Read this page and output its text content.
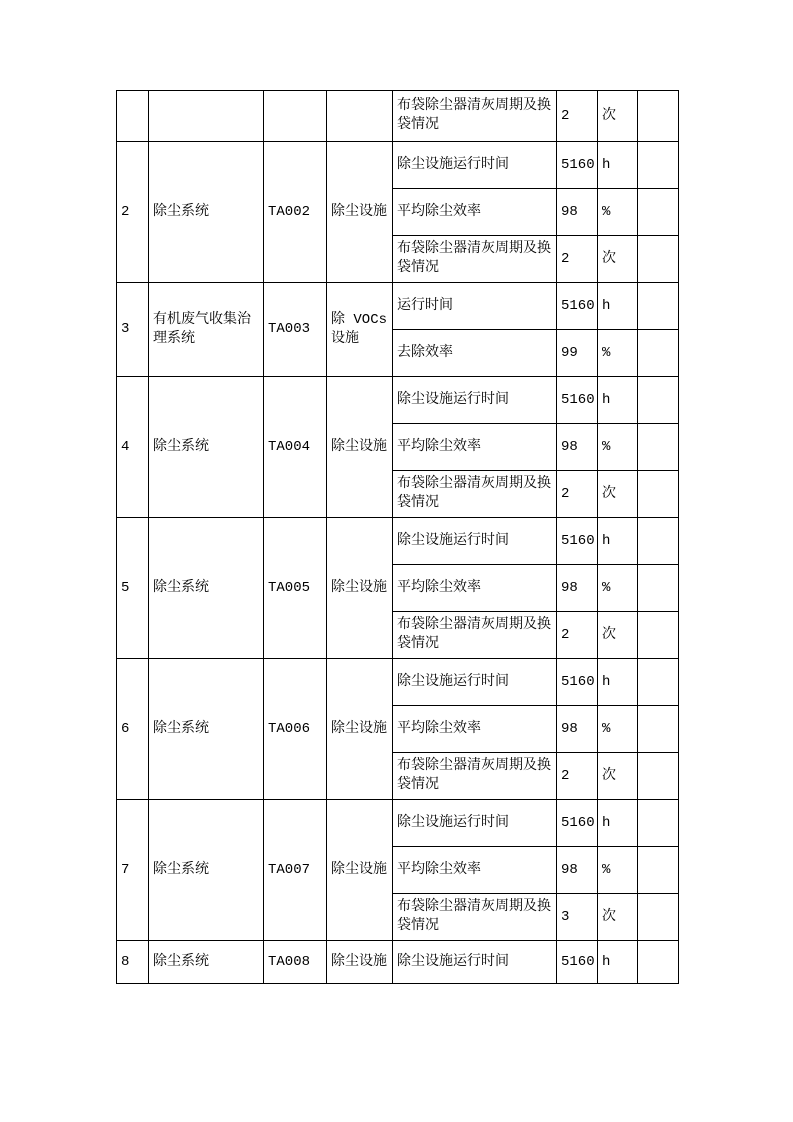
				布袋除尘器清灰周期及换袋情况	2	次	
2	除尘系统	TA002	除尘设施	除尘设施运行时间	5160	h	
				平均除尘效率	98	%	
				布袋除尘器清灰周期及换袋情况	2	次	
3	有机废气收集治理系统	TA003	除 VOCs 设施	运行时间	5160	h	
				去除效率	99	%	
4	除尘系统	TA004	除尘设施	除尘设施运行时间	5160	h	
				平均除尘效率	98	%	
				布袋除尘器清灰周期及换袋情况	2	次	
5	除尘系统	TA005	除尘设施	除尘设施运行时间	5160	h	
				平均除尘效率	98	%	
				布袋除尘器清灰周期及换袋情况	2	次	
6	除尘系统	TA006	除尘设施	除尘设施运行时间	5160	h	
				平均除尘效率	98	%	
				布袋除尘器清灰周期及换袋情况	2	次	
7	除尘系统	TA007	除尘设施	除尘设施运行时间	5160	h	
				平均除尘效率	98	%	
				布袋除尘器清灰周期及换袋情况	3	次	
8	除尘系统	TA008	除尘设施	除尘设施运行时间	5160	h	
